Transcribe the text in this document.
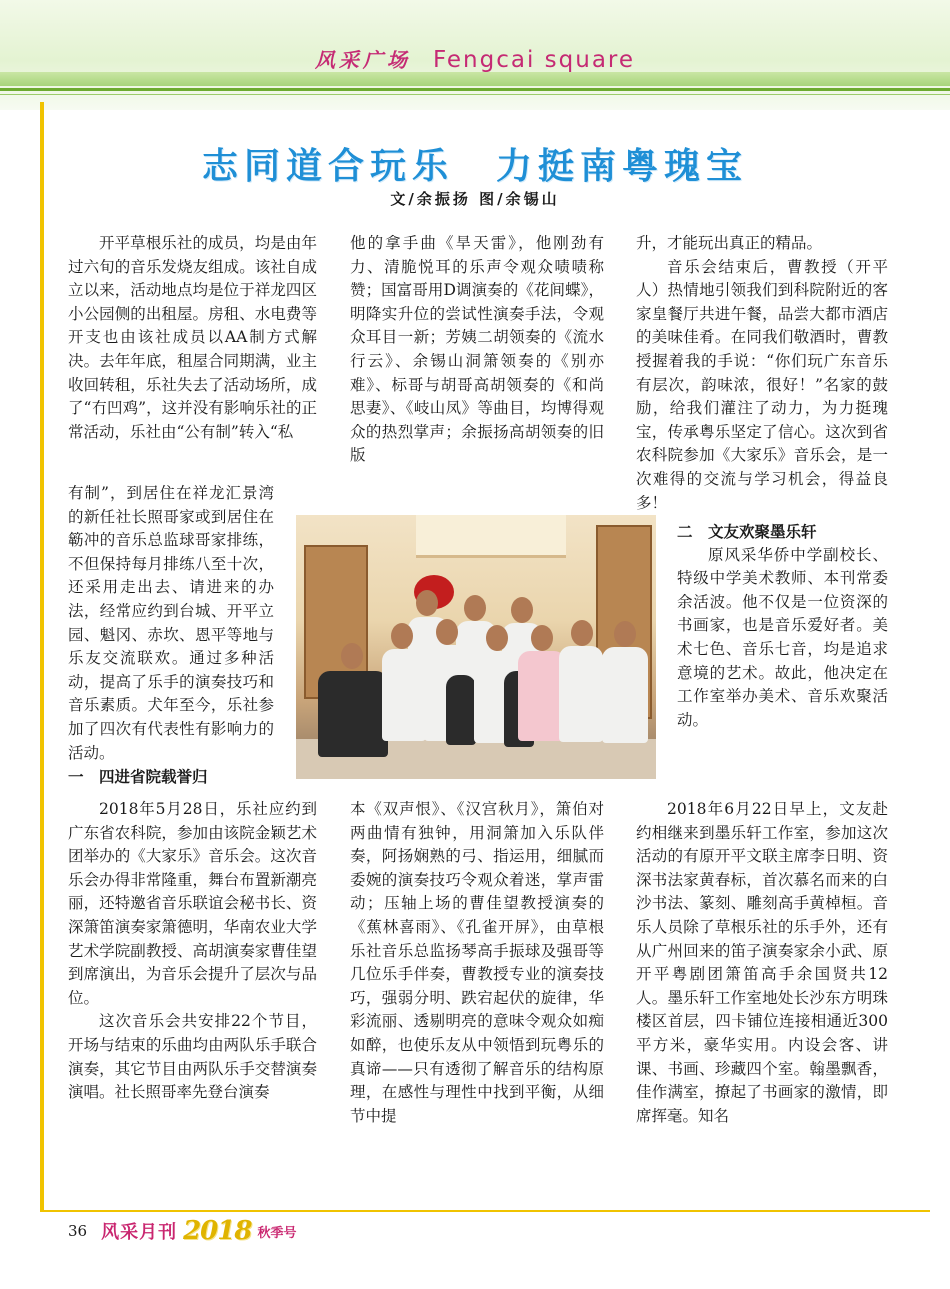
风采广场 Fengcai square
志同道合玩乐　力挺南粤瑰宝
文/余振扬 图/余锡山

开平草根乐社的成员，均是由年过六旬的音乐发烧友组成。该社自成立以来，活动地点均是位于祥龙四区小公园侧的出租屋。房租、水电费等开支也由该社成员以AA制方式解决。去年年底，租屋合同期满，业主收回转租，乐社失去了活动场所，成了“冇凹鸡”，这并没有影响乐社的正常活动，乐社由“公有制”转入“私

有制”，到居住在祥龙汇景湾的新任社长照哥家或到居住在簕冲的音乐总监球哥家排练，不但保持每月排练八至十次，还采用走出去、请进来的办法，经常应约到台城、开平立园、魁冈、赤坎、恩平等地与乐友交流联欢。通过多种活动，提高了乐手的演奏技巧和音乐素质。犬年至今，乐社参加了四次有代表性有影响力的活动。

一　四进省院载誉归

2018年5月28日，乐社应约到广东省农科院，参加由该院金颖艺术团举办的《大家乐》音乐会。这次音乐会办得非常隆重，舞台布置新潮亮丽，还特邀省音乐联谊会秘书长、资深箫笛演奏家箫德明，华南农业大学艺术学院副教授、高胡演奏家曹佳望到席演出，为音乐会提升了层次与品位。

这次音乐会共安排22个节目，开场与结束的乐曲均由两队乐手联合演奏，其它节目由两队乐手交替演奏演唱。社长照哥率先登台演奏

他的拿手曲《旱天雷》，他刚劲有力、清脆悦耳的乐声令观众啧啧称赞；国富哥用D调演奏的《花间蝶》，明降实升位的尝试性演奏手法，令观众耳目一新；芳姨二胡领奏的《流水行云》、余锡山洞箫领奏的《别亦难》、标哥与胡哥高胡领奏的《和尚思妻》、《岐山凤》等曲目，均博得观众的热烈掌声；余振扬高胡领奏的旧版

本《双声恨》、《汉宫秋月》，箫伯对两曲情有独钟，用洞箫加入乐队伴奏，阿扬娴熟的弓、指运用，细腻而委婉的演奏技巧令观众着迷，掌声雷动；压轴上场的曹佳望教授演奏的《蕉林喜雨》、《孔雀开屏》，由草根乐社音乐总监扬琴高手振球及强哥等几位乐手伴奏，曹教授专业的演奏技巧，强弱分明、跌宕起伏的旋律，华彩流丽、透剔明亮的意味令观众如痴如醉，也使乐友从中领悟到玩粤乐的真谛——只有透彻了解音乐的结构原理，在感性与理性中找到平衡，从细节中提

升，才能玩出真正的精品。

音乐会结束后，曹教授（开平人）热情地引领我们到科院附近的客家皇餐厅共进午餐，品尝大都市酒店的美味佳肴。在同我们敬酒时，曹教授握着我的手说：“你们玩广东音乐有层次，韵味浓，很好！”名家的鼓励，给我们灌注了动力，为力挺瑰宝，传承粤乐坚定了信心。这次到省农科院参加《大家乐》音乐会，是一次难得的交流与学习机会，得益良多！

二　文友欢聚墨乐轩

原风采华侨中学副校长、特级中学美术教师、本刊常委余活波。他不仅是一位资深的书画家，也是音乐爱好者。美术七色、音乐七音，均是追求意境的艺术。故此，他决定在工作室举办美术、音乐欢聚活动。

2018年6月22日早上，文友赴约相继来到墨乐轩工作室，参加这次活动的有原开平文联主席李日明、资深书法家黄春标，首次慕名而来的白沙书法、篆刻、雕刻高手黄棹桓。音乐人员除了草根乐社的乐手外，还有从广州回来的笛子演奏家余小武、原开平粤剧团箫笛高手余国贤共12人。墨乐轩工作室地处长沙东方明珠楼区首层，四卡铺位连接相通近300平方米，豪华实用。内设会客、讲课、书画、珍藏四个室。翰墨飘香，佳作满室，撩起了书画家的激情，即席挥毫。知名

36 风采月刊 2018 秋季号
